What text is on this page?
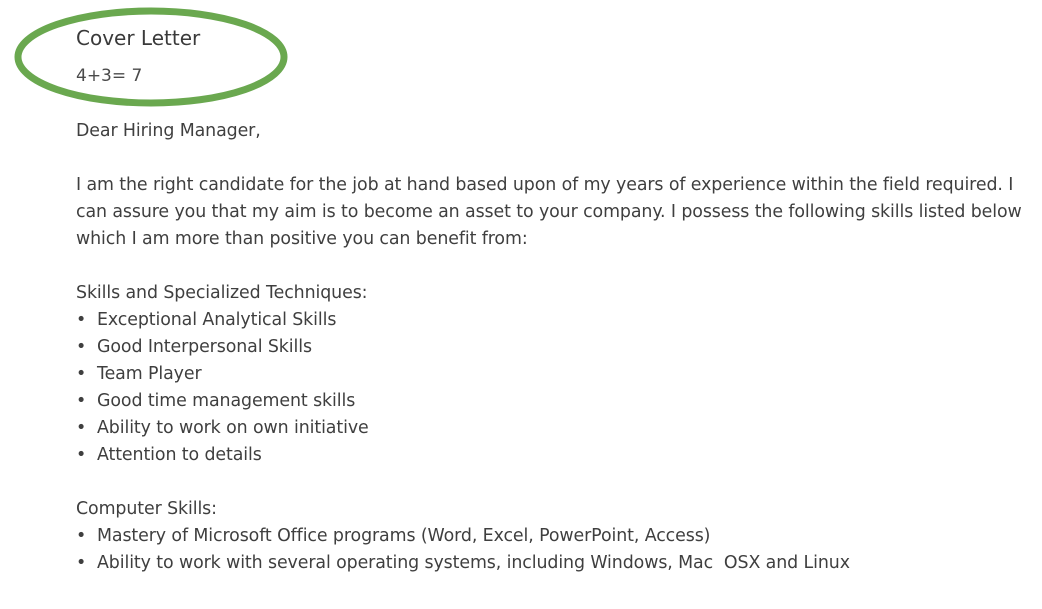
Cover Letter
4+3= 7

Dear Hiring Manager,

I am the right candidate for the job at hand based upon of my years of experience within the field required. I can assure you that my aim is to become an asset to your company. I possess the following skills listed below which I am more than positive you can benefit from:

Skills and Specialized Techniques:

• Exceptional Analytical Skills
• Good Interpersonal Skills
• Team Player
• Good time management skills
• Ability to work on own initiative
• Attention to details

Computer Skills:

• Mastery of Microsoft Office programs (Word, Excel, PowerPoint, Access)
• Ability to work with several operating systems, including Windows, Mac  OSX and Linux
